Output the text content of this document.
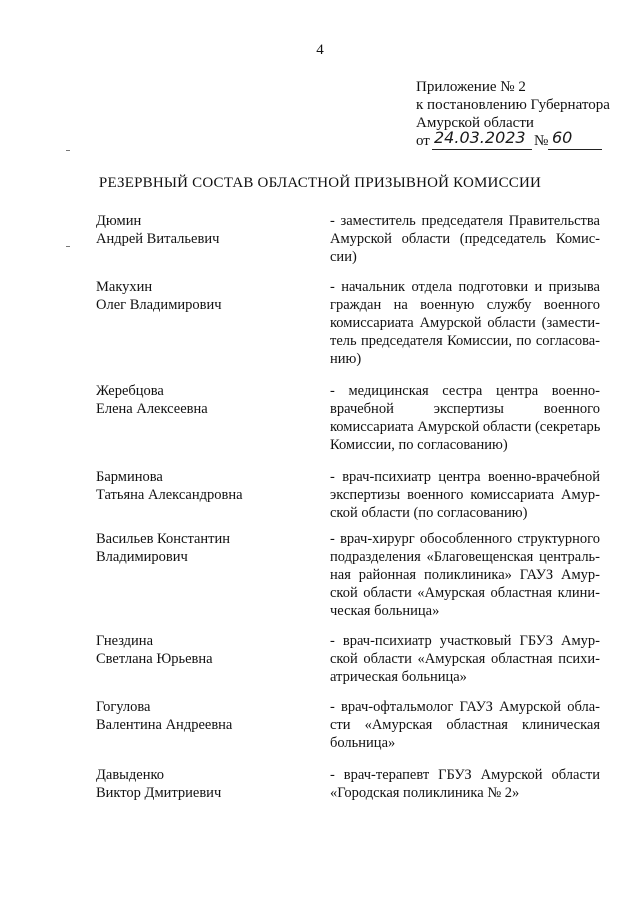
4
Приложение № 2
к постановлению Губернатора
Амурской области
от 24.03.2023 № 60
РЕЗЕРВНЫЙ СОСТАВ ОБЛАСТНОЙ ПРИЗЫВНОЙ КОМИССИИ
Дюмин
Андрей Витальевич
- заместитель председателя Правительства
Амурской области (председатель Комис-
сии)
Макухин
Олег Владимирович
- начальник отдела подготовки и призыва
граждан на военную службу военного
комиссариата Амурской области (замести-
тель председателя Комиссии, по согласова-
нию)
Жеребцова
Елена Алексеевна
- медицинская сестра центра военно-
врачебной экспертизы военного
комиссариата Амурской области (секретарь
Комиссии, по согласованию)
Барминова
Татьяна Александровна
- врач-психиатр центра военно-врачебной
экспертизы военного комиссариата Амур-
ской области (по согласованию)
Васильев Константин
Владимирович
- врач-хирург обособленного структурного
подразделения «Благовещенская централь-
ная районная поликлиника» ГАУЗ Амур-
ской области «Амурская областная клини-
ческая больница»
Гнездина
Светлана Юрьевна
- врач-психиатр участковый ГБУЗ Амур-
ской области «Амурская областная психи-
атрическая больница»
Гогулова
Валентина Андреевна
- врач-офтальмолог ГАУЗ Амурской обла-
сти «Амурская областная клиническая
больница»
Давыденко
Виктор Дмитриевич
- врач-терапевт ГБУЗ Амурской области
«Городская поликлиника № 2»
